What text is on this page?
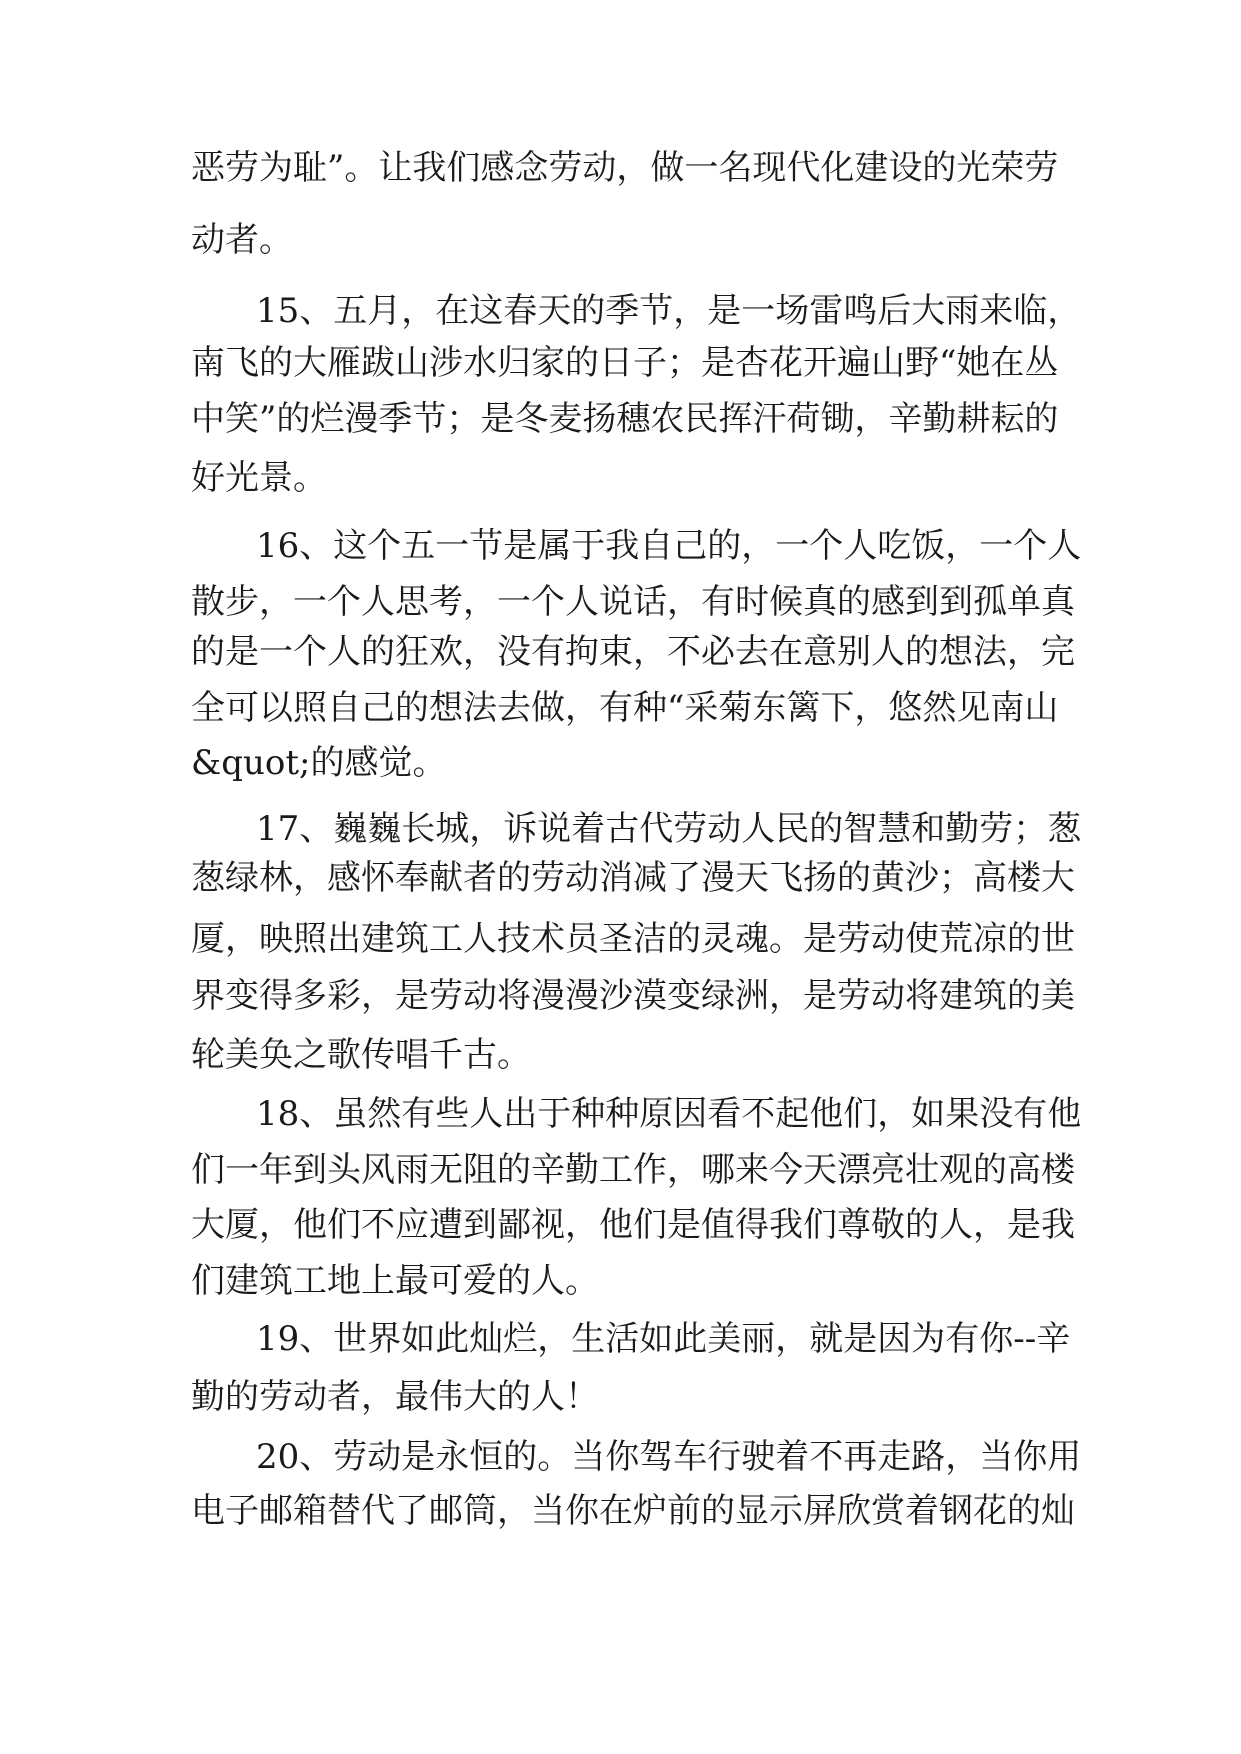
恶劳为耻”。让我们感念劳动，做一名现代化建设的光荣劳

动者。

15、五月，在这春天的季节，是一场雷鸣后大雨来临，

南飞的大雁跋山涉水归家的日子；是杏花开遍山野“她在丛

中笑”的烂漫季节；是冬麦扬穗农民挥汗荷锄，辛勤耕耘的

好光景。

16、这个五一节是属于我自己的，一个人吃饭，一个人

散步，一个人思考，一个人说话，有时候真的感到到孤单真

的是一个人的狂欢，没有拘束，不必去在意别人的想法，完

全可以照自己的想法去做，有种“采菊东篱下，悠然见南山

&quot;的感觉。

17、巍巍长城，诉说着古代劳动人民的智慧和勤劳；葱

葱绿林，感怀奉献者的劳动消减了漫天飞扬的黄沙；高楼大

厦，映照出建筑工人技术员圣洁的灵魂。是劳动使荒凉的世

界变得多彩，是劳动将漫漫沙漠变绿洲，是劳动将建筑的美

轮美奂之歌传唱千古。

18、虽然有些人出于种种原因看不起他们，如果没有他

们一年到头风雨无阻的辛勤工作，哪来今天漂亮壮观的高楼

大厦，他们不应遭到鄙视，他们是值得我们尊敬的人，是我

们建筑工地上最可爱的人。

19、世界如此灿烂，生活如此美丽，就是因为有你--辛

勤的劳动者，最伟大的人！

20、劳动是永恒的。当你驾车行驶着不再走路，当你用

电子邮箱替代了邮筒，当你在炉前的显示屏欣赏着钢花的灿
